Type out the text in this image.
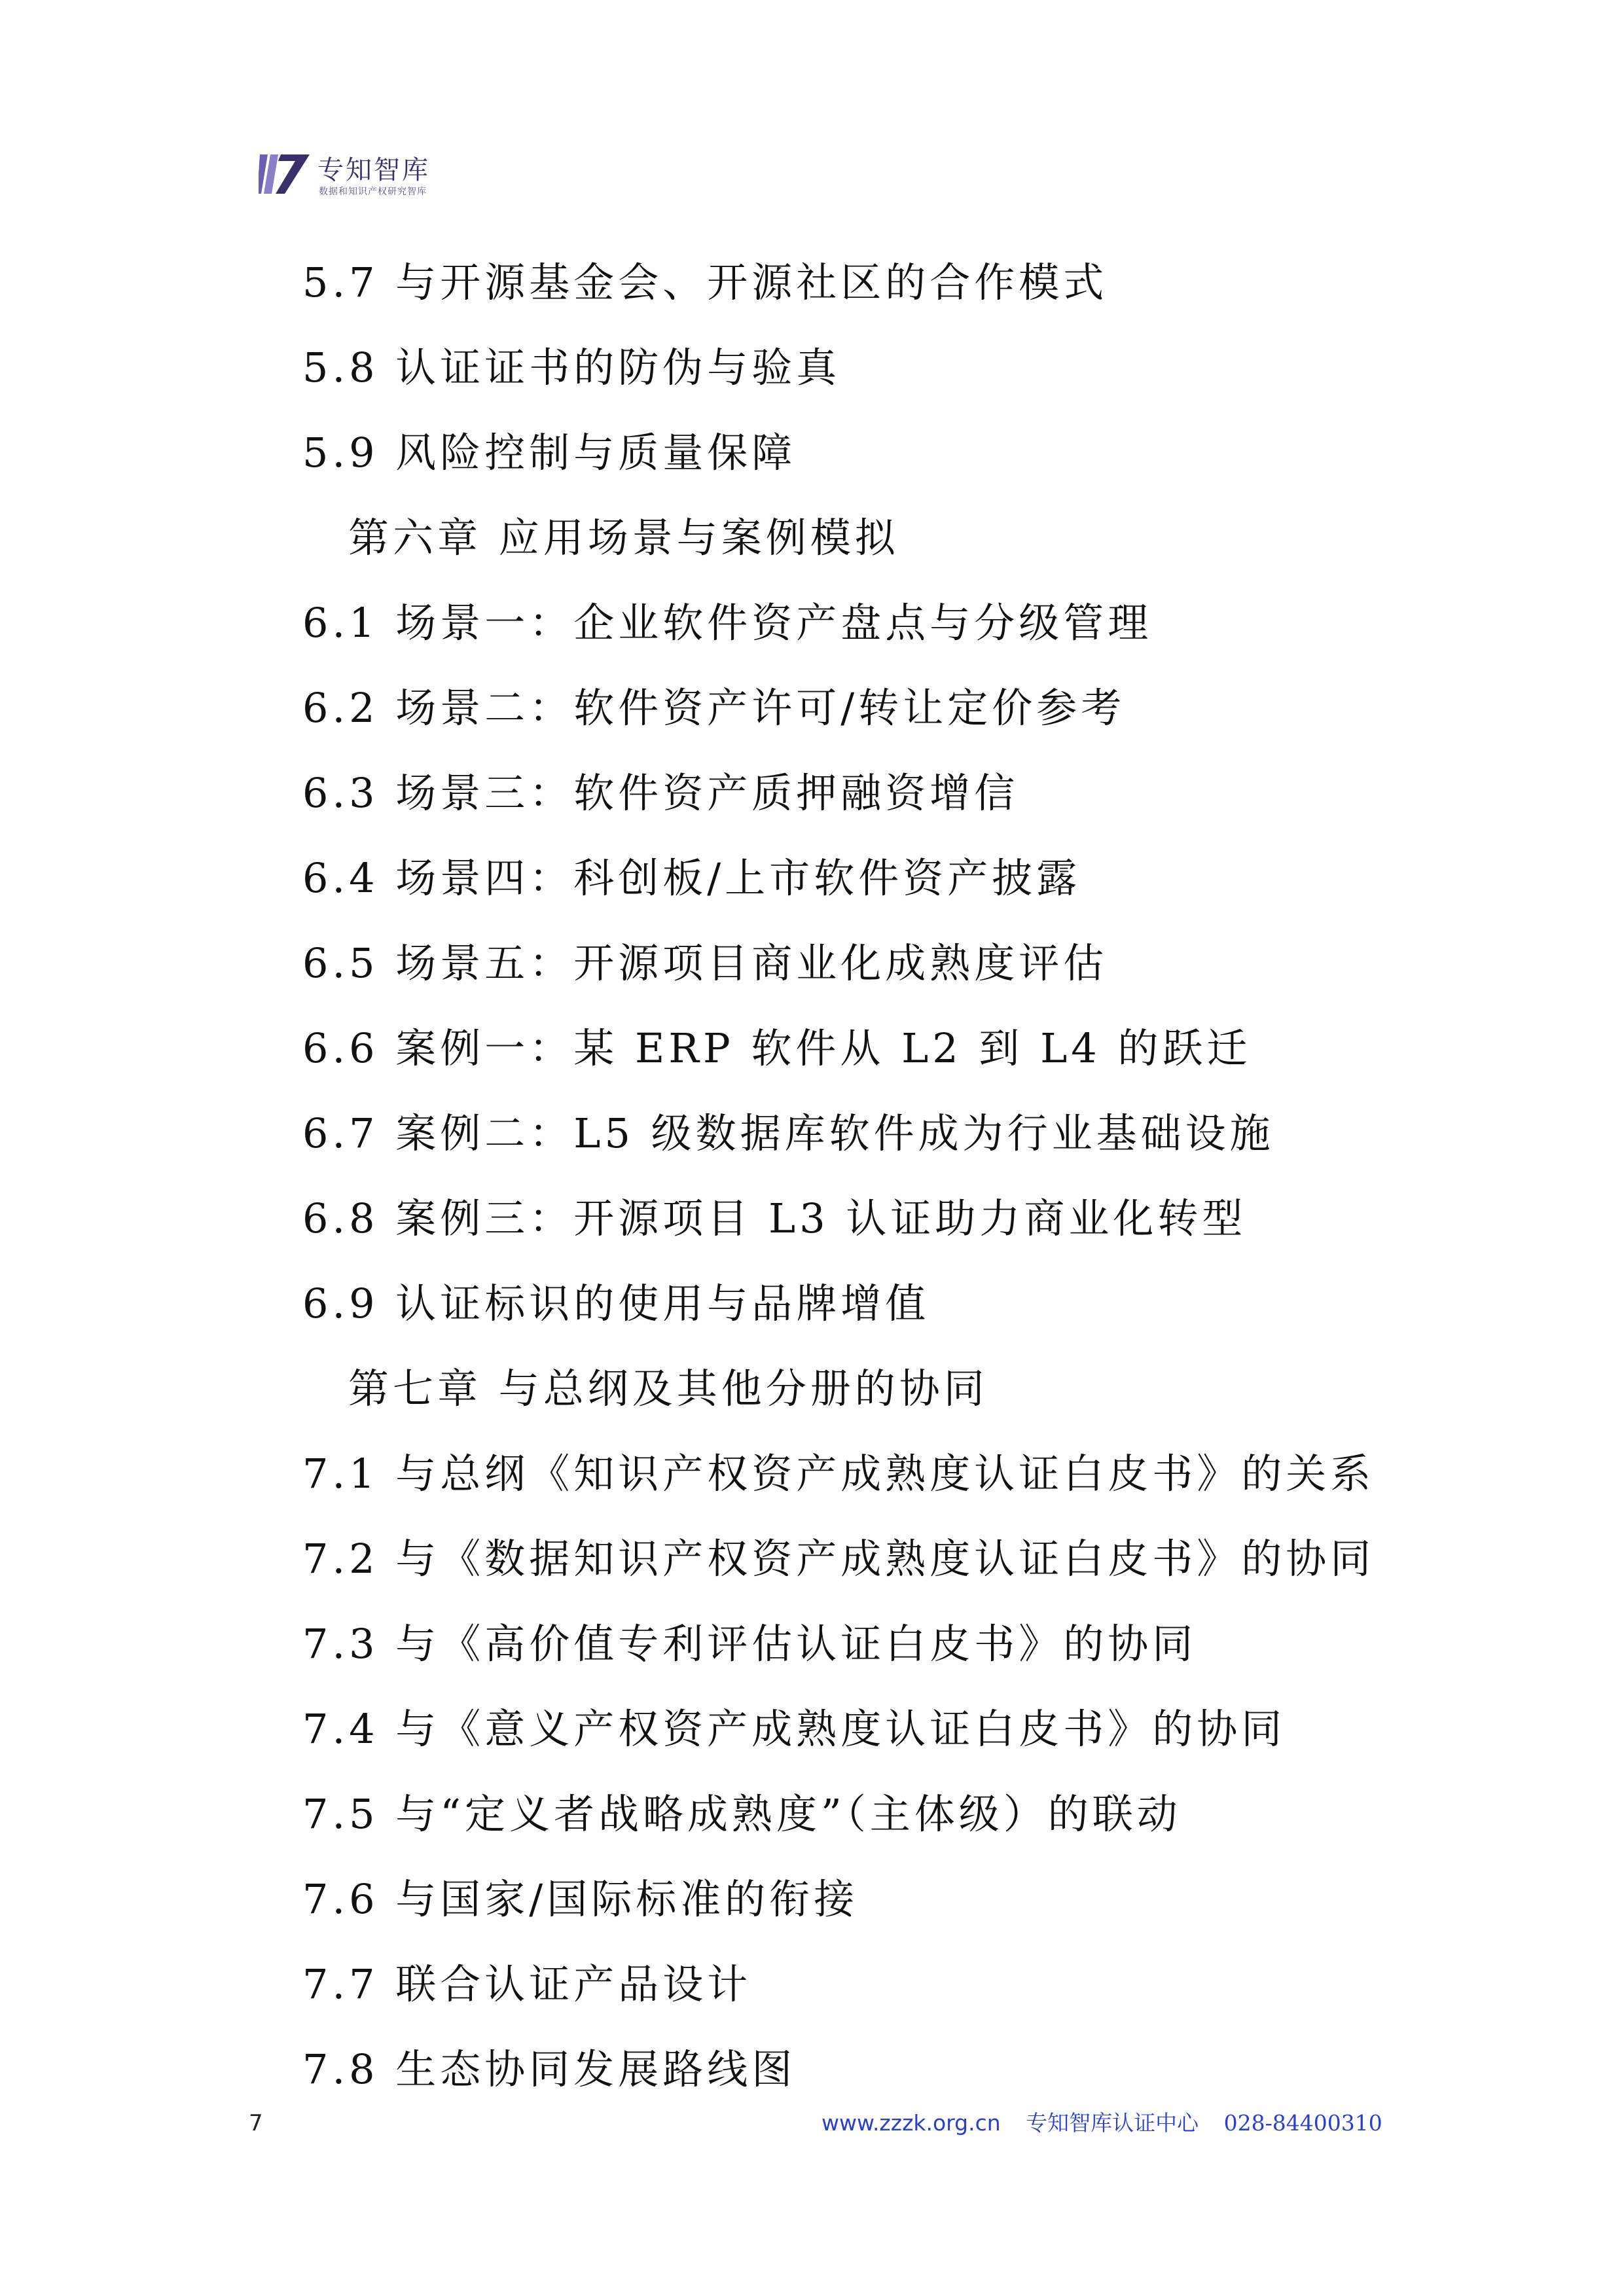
专知智库
数据和知识产权研究智库
5.7 与开源基金会、开源社区的合作模式
5.8 认证证书的防伪与验真
5.9 风险控制与质量保障
第六章 应用场景与案例模拟
6.1 场景一：企业软件资产盘点与分级管理
6.2 场景二：软件资产许可/转让定价参考
6.3 场景三：软件资产质押融资增信
6.4 场景四：科创板/上市软件资产披露
6.5 场景五：开源项目商业化成熟度评估
6.6 案例一：某 ERP 软件从 L2 到 L4 的跃迁
6.7 案例二：L5 级数据库软件成为行业基础设施
6.8 案例三：开源项目 L3 认证助力商业化转型
6.9 认证标识的使用与品牌增值
第七章 与总纲及其他分册的协同
7.1 与总纲《知识产权资产成熟度认证白皮书》的关系
7.2 与《数据知识产权资产成熟度认证白皮书》的协同
7.3 与《高价值专利评估认证白皮书》的协同
7.4 与《意义产权资产成熟度认证白皮书》的协同
7.5 与“定义者战略成熟度”（主体级）的联动
7.6 与国家/国际标准的衔接
7.7 联合认证产品设计
7.8 生态协同发展路线图
7	www.zzzk.org.cn 专知智库认证中心 028-84400310
